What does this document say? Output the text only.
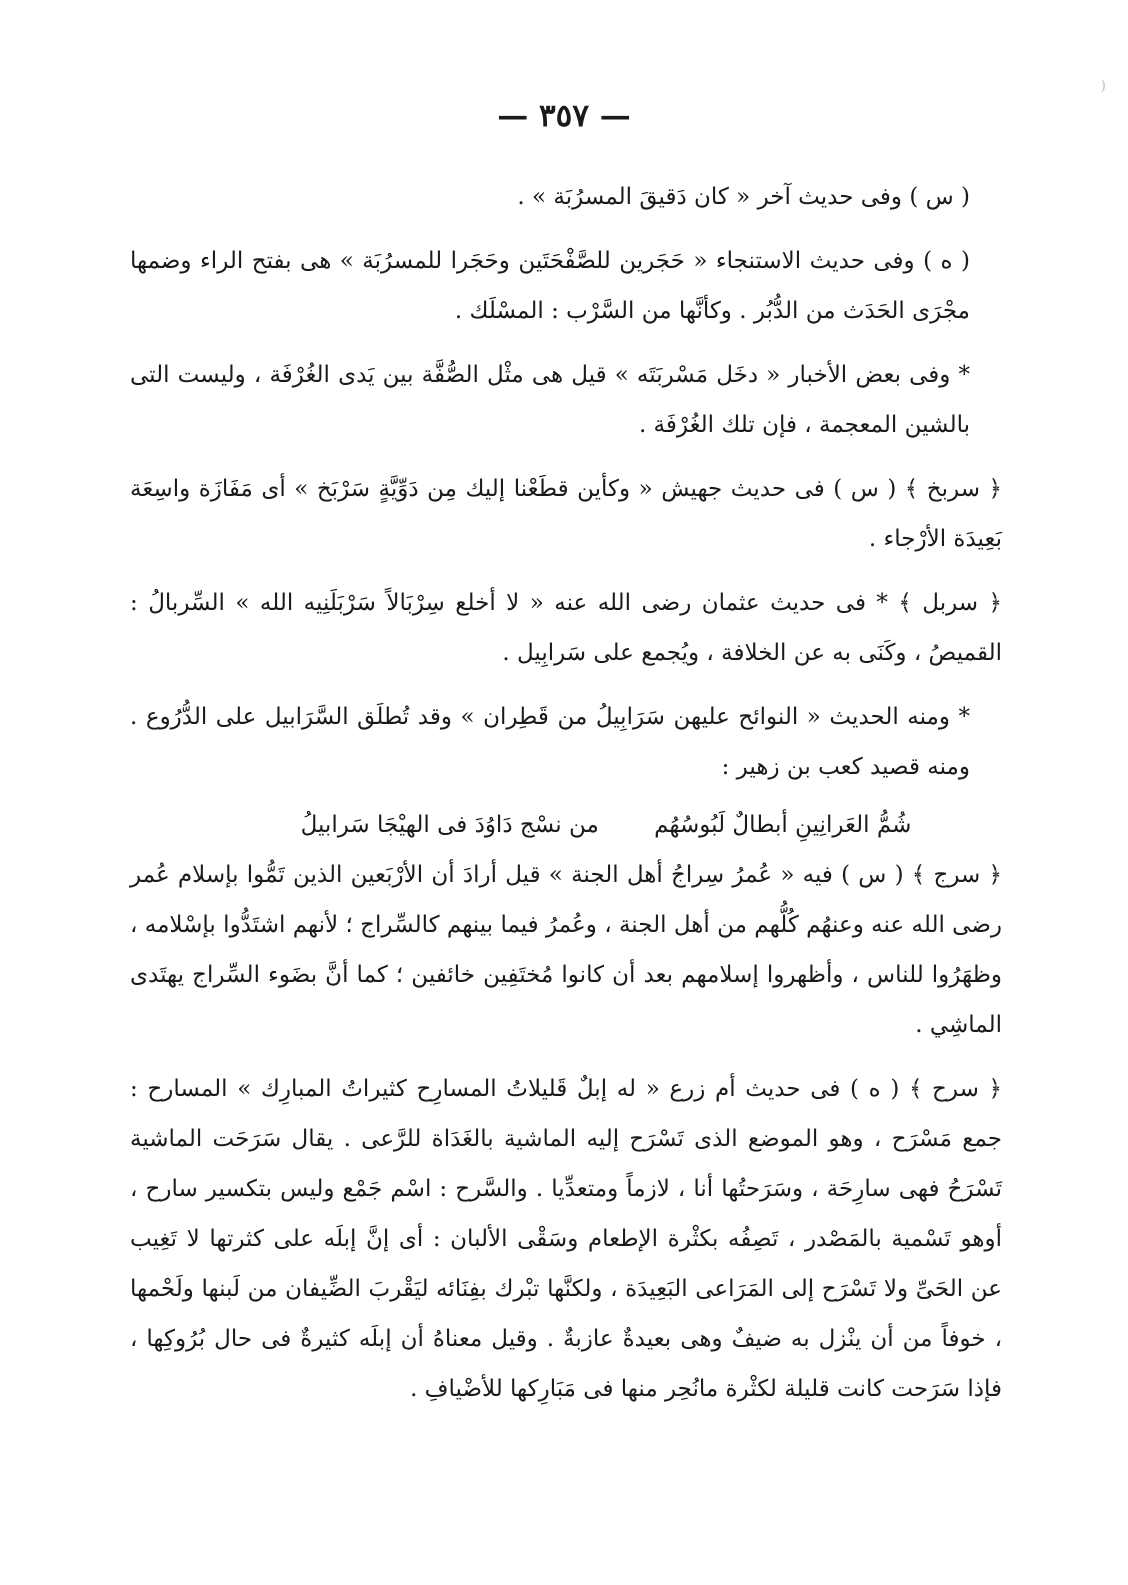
)
— ٣٥٧ —

( س ) وفى حديث آخر « كان دَقيقَ المسرُبَة » .

( ه ) وفى حديث الاستنجاء « حَجَرين للصَّفْحَتَين وحَجَرا للمسرُبَة » هى بفتح الراء وضمها مجْرَى الحَدَث من الدُّبُر . وكأنَّها من السَّرْب : المسْلَك .

* وفى بعض الأخبار « دخَل مَسْربَتَه » قيل هى مثْل الصُّفَّة بين يَدى الغُرْفَة ، وليست التى بالشين المعجمة ، فإن تلك الغُرْفَة .

﴿ سربخ ﴾ ( س ) فى حديث جهيش « وكأين قطَعْنا إليك مِن دَوِّيَّةٍ سَرْبَخ » أى مَفَازَة واسِعَة بَعِيدَة الأرْجاء .

﴿ سربل ﴾ * فى حديث عثمان رضى الله عنه « لا أخلع سِرْبَالاً سَرْبَلَنِيه الله » السِّربالُ : القميصُ ، وكَنَى به عن الخلافة ، ويُجمع على سَرابِيل .

* ومنه الحديث « النوائح عليهن سَرَابِيلُ من قَطِران » وقد تُطلَق السَّرَابيل على الدُّرُوع . ومنه قصيد كعب بن زهير :

شُمُّ العَرانِينِ أبطالٌ لَبُوسُهُم من نسْج دَاوُدَ فى الهيْجَا سَرابيلُ

﴿ سرج ﴾ ( س ) فيه « عُمرُ سِراجُ أهل الجنة » قيل أرادَ أن الأرْبَعين الذين تَمُّوا بإسلام عُمر رضى الله عنه وعنهُم كُلُّهم من أهل الجنة ، وعُمرُ فيما بينهم كالسِّراج ؛ لأنهم اشتَدُّوا بإسْلامه ، وظهَرُوا للناس ، وأظهروا إسلامهم بعد أن كانوا مُختَفِين خائفين ؛ كما أنَّ بضَوء السِّراج يهتَدى الماشِي .

﴿ سرح ﴾ ( ه ) فى حديث أم زرع « له إبلٌ قَليلاتُ المسارِح كثيراتُ المبارِك » المسارح : جمع مَسْرَح ، وهو الموضع الذى تَسْرَح إليه الماشية بالغَدَاة للرَّعى . يقال سَرَحَت الماشية تَسْرَحُ فهى سارِحَة ، وسَرَحتُها أنا ، لازماً ومتعدِّيا . والسَّرح : اسْم جَمْع وليس بتكسير سارح ، أوهو تَسْمية بالمَصْدر ، تَصِفُه بكثْرة الإطعام وسَقْى الألبان : أى إنَّ إبلَه على كثرتها لا تَغِيب عن الحَىِّ ولا تَسْرَح إلى المَرَاعى البَعِيدَة ، ولكنَّها تبْرك بفِنَائه ليَقْربَ الضِّيفان من لَبنها ولَحْمها ، خوفاً من أن ينْزل به ضيفٌ وهى بعيدةٌ عازبةٌ . وقيل معناهُ أن إبلَه كثيرةٌ فى حال بُرُوكِها ، فإذا سَرَحت كانت قليلة لكثْرة مانُحِر منها فى مَبَارِكها للأضْيافِ .
